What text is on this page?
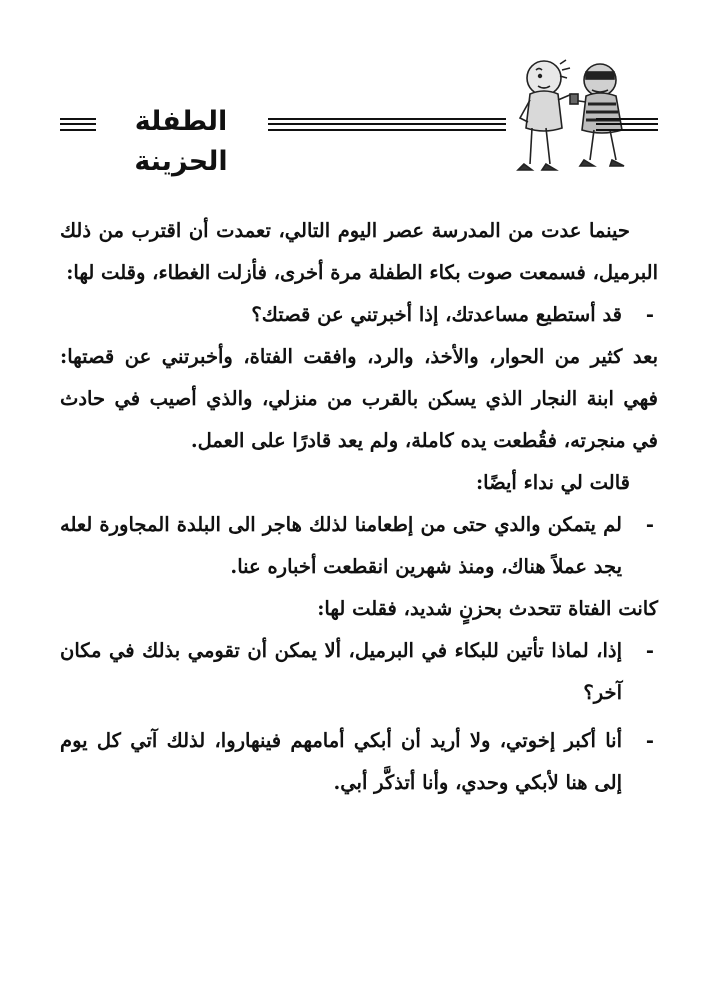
الطفلة الحزينة

حينما عدت من المدرسة عصر اليوم التالي، تعمدت أن اقترب من ذلك البرميل، فسمعت صوت بكاء الطفلة مرة أخرى، فأزلت الغطاء، وقلت لها:

-
قد أستطيع مساعدتك، إذا أخبرتني عن قصتك؟

بعد كثير من الحوار، والأخذ، والرد، وافقت الفتاة، وأخبرتني عن قصتها: فهي ابنة النجار الذي يسكن بالقرب من منزلي، والذي أصيب في حادث في منجرته، فقُطعت يده كاملة، ولم يعد قادرًا على العمل.

قالت لي نداء أيضًا:

-
لم يتمكن والدي حتى من إطعامنا لذلك هاجر الى البلدة المجاورة لعله يجد عملاً هناك، ومنذ شهرين انقطعت أخباره عنا.

كانت الفتاة تتحدث بحزنٍ شديد، فقلت لها:

-
إذا، لماذا تأتين للبكاء في البرميل، ألا يمكن أن تقومي بذلك في مكان آخر؟
-
أنا أكبر إخوتي، ولا أريد أن أبكي أمامهم فينهاروا، لذلك آتي كل يوم إلى هنا لأبكي وحدي، وأنا أتذكَّر أبي.
